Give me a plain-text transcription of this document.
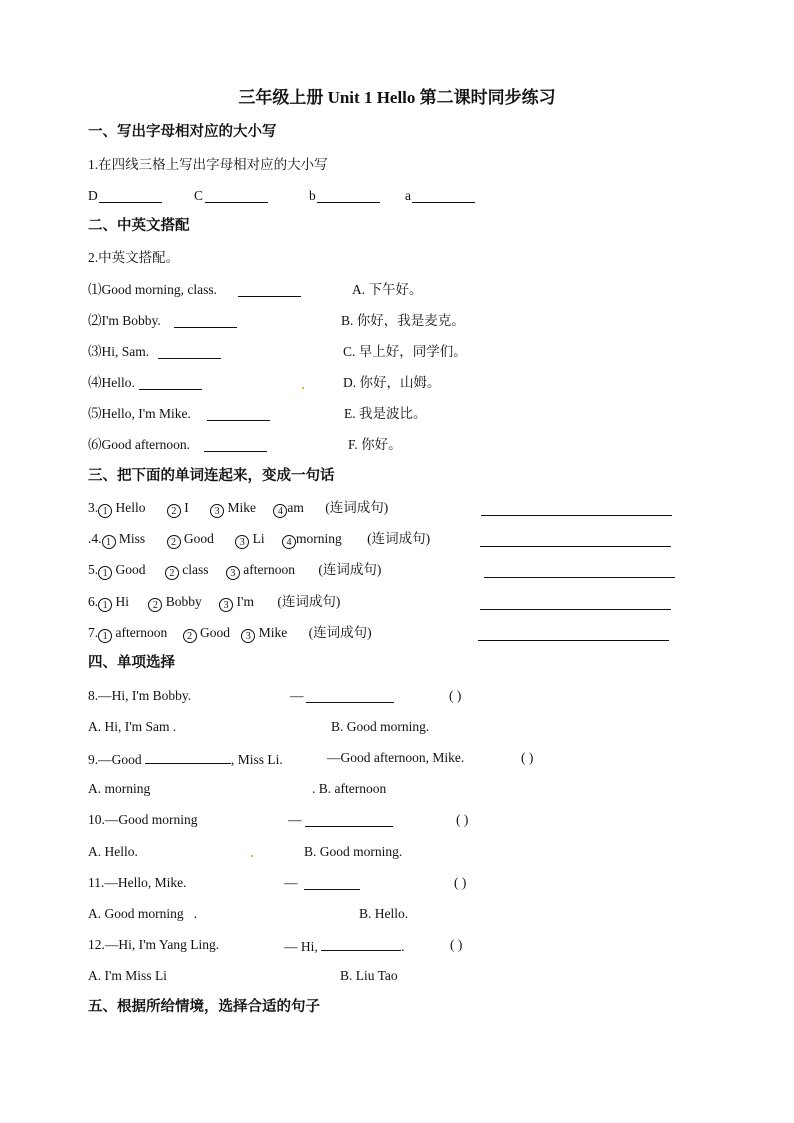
三年级上册 Unit 1 Hello 第二课时同步练习
一、写出字母相对应的大小写
1.在四线三格上写出字母相对应的大小写
D	C	b	a
二、中英文搭配
2.中英文搭配。
⑴Good morning, class.
⑵I'm Bobby.
⑶Hi, Sam.
⑷Hello.
⑸Hello, I'm Mike.
⑹Good afternoon.
A. 下午好。
B. 你好，我是麦克。
C. 早上好，同学们。
D. 你好，山姆。
E. 我是波比。
F. 你好。
三、把下面的单词连起来，变成一句话
3. 1 Hello	2 I	3 Mike 4 am (连词成句)
.4. 1 Miss	2 Good	3 Li 4 morning (连词成句)
5. 1 Good 2 class 3 afternoon (连词成句)
6. 1 Hi 2 Bobby 3 I'm (连词成句)
7. 1 afternoon 2 Good 3 Mike (连词成句)
四、单项选择
8.—Hi, I'm Bobby.	—	( )
A. Hi, I'm Sam .	B. Good morning.
9.—Good	, Miss Li.	—Good afternoon, Mike.	( )
A. morning	. B. afternoon
10.—Good morning	—	( )
A. Hello.	B. Good morning.
11.—Hello, Mike.	—	( )
A. Good morning .	B. Hello.
12.—Hi, I'm Yang Ling.	— Hi,	.	( )
A. I'm Miss Li	B. Liu Tao
五、根据所给情境，选择合适的句子
